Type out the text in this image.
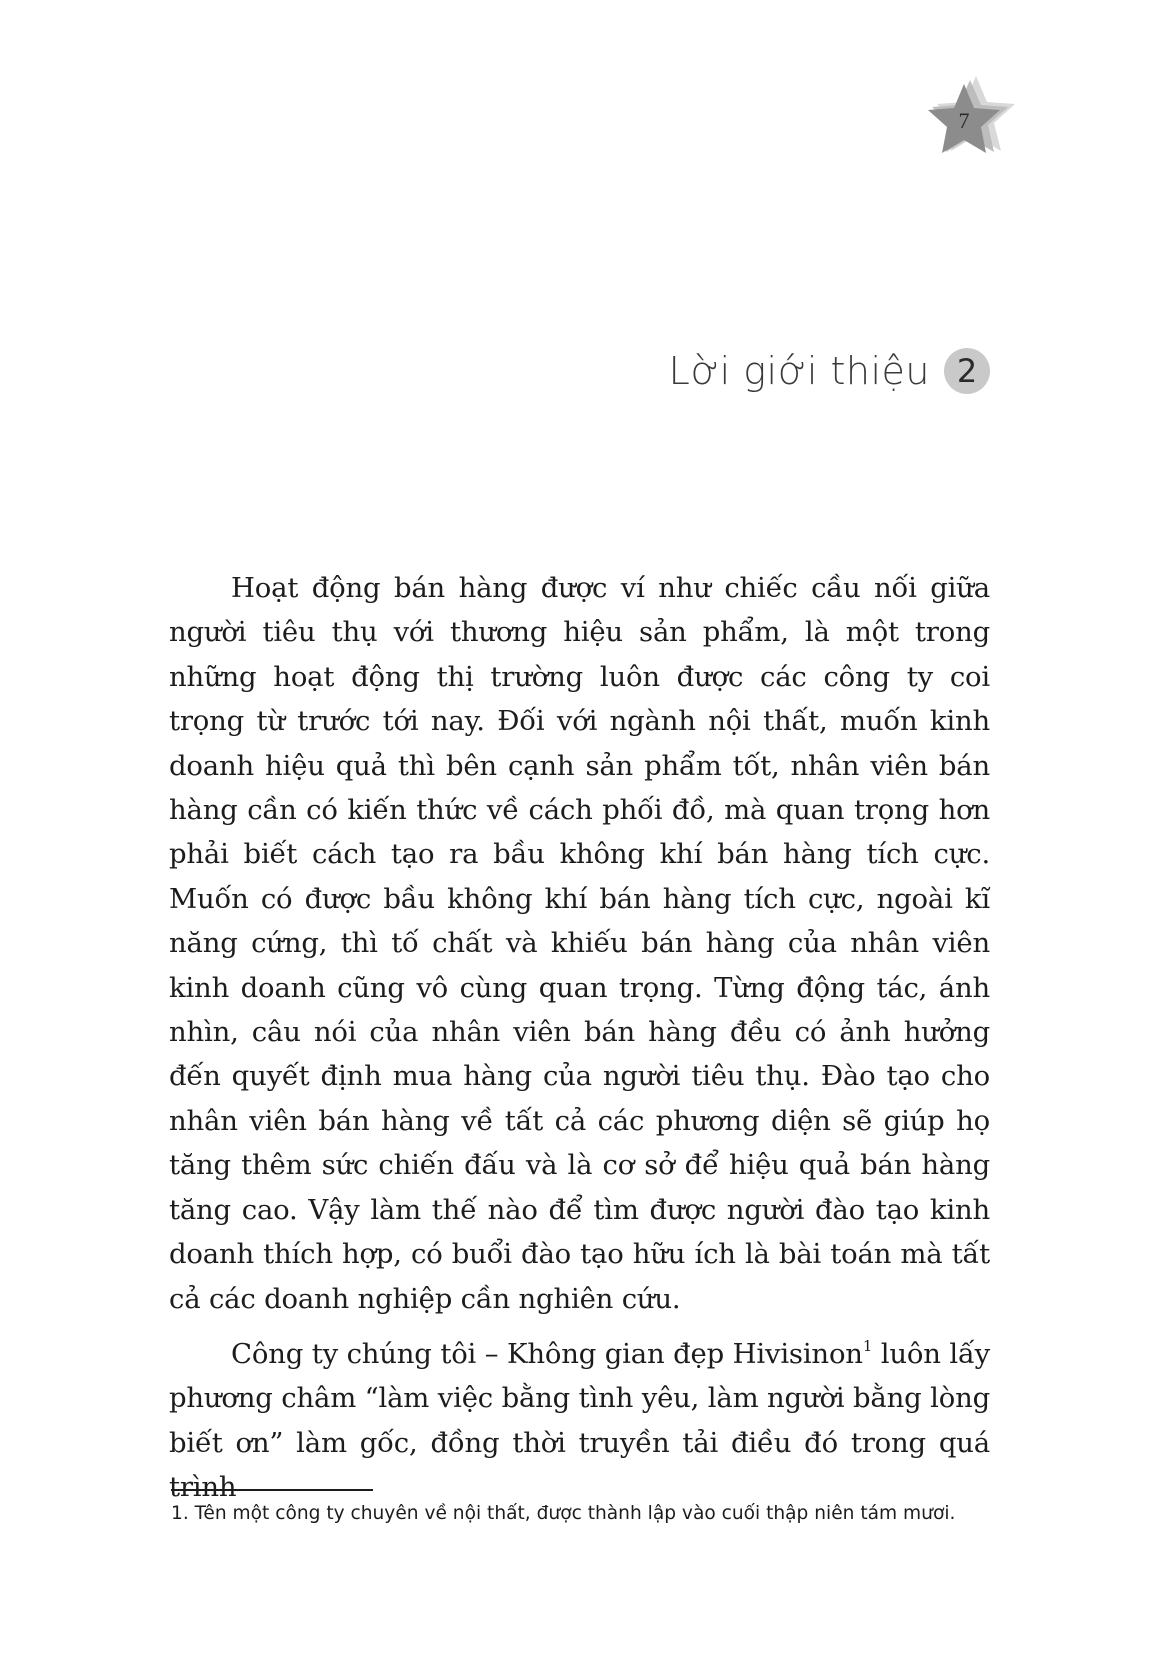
7
Lời giới thiệu 2

Hoạt động bán hàng được ví như chiếc cầu nối giữa người tiêu thụ với thương hiệu sản phẩm, là một trong những hoạt động thị trường luôn được các công ty coi trọng từ trước tới nay. Đối với ngành nội thất, muốn kinh doanh hiệu quả thì bên cạnh sản phẩm tốt, nhân viên bán hàng cần có kiến thức về cách phối đồ, mà quan trọng hơn phải biết cách tạo ra bầu không khí bán hàng tích cực. Muốn có được bầu không khí bán hàng tích cực, ngoài kĩ năng cứng, thì tố chất và khiếu bán hàng của nhân viên kinh doanh cũng vô cùng quan trọng. Từng động tác, ánh nhìn, câu nói của nhân viên bán hàng đều có ảnh hưởng đến quyết định mua hàng của người tiêu thụ. Đào tạo cho nhân viên bán hàng về tất cả các phương diện sẽ giúp họ tăng thêm sức chiến đấu và là cơ sở để hiệu quả bán hàng tăng cao. Vậy làm thế nào để tìm được người đào tạo kinh doanh thích hợp, có buổi đào tạo hữu ích là bài toán mà tất cả các doanh nghiệp cần nghiên cứu.

Công ty chúng tôi – Không gian đẹp Hivisinon$^1$ luôn lấy phương châm “làm việc bằng tình yêu, làm người bằng lòng biết ơn” làm gốc, đồng thời truyền tải điều đó trong quá trình

1. Tên một công ty chuyên về nội thất, được thành lập vào cuối thập niên tám mươi.
